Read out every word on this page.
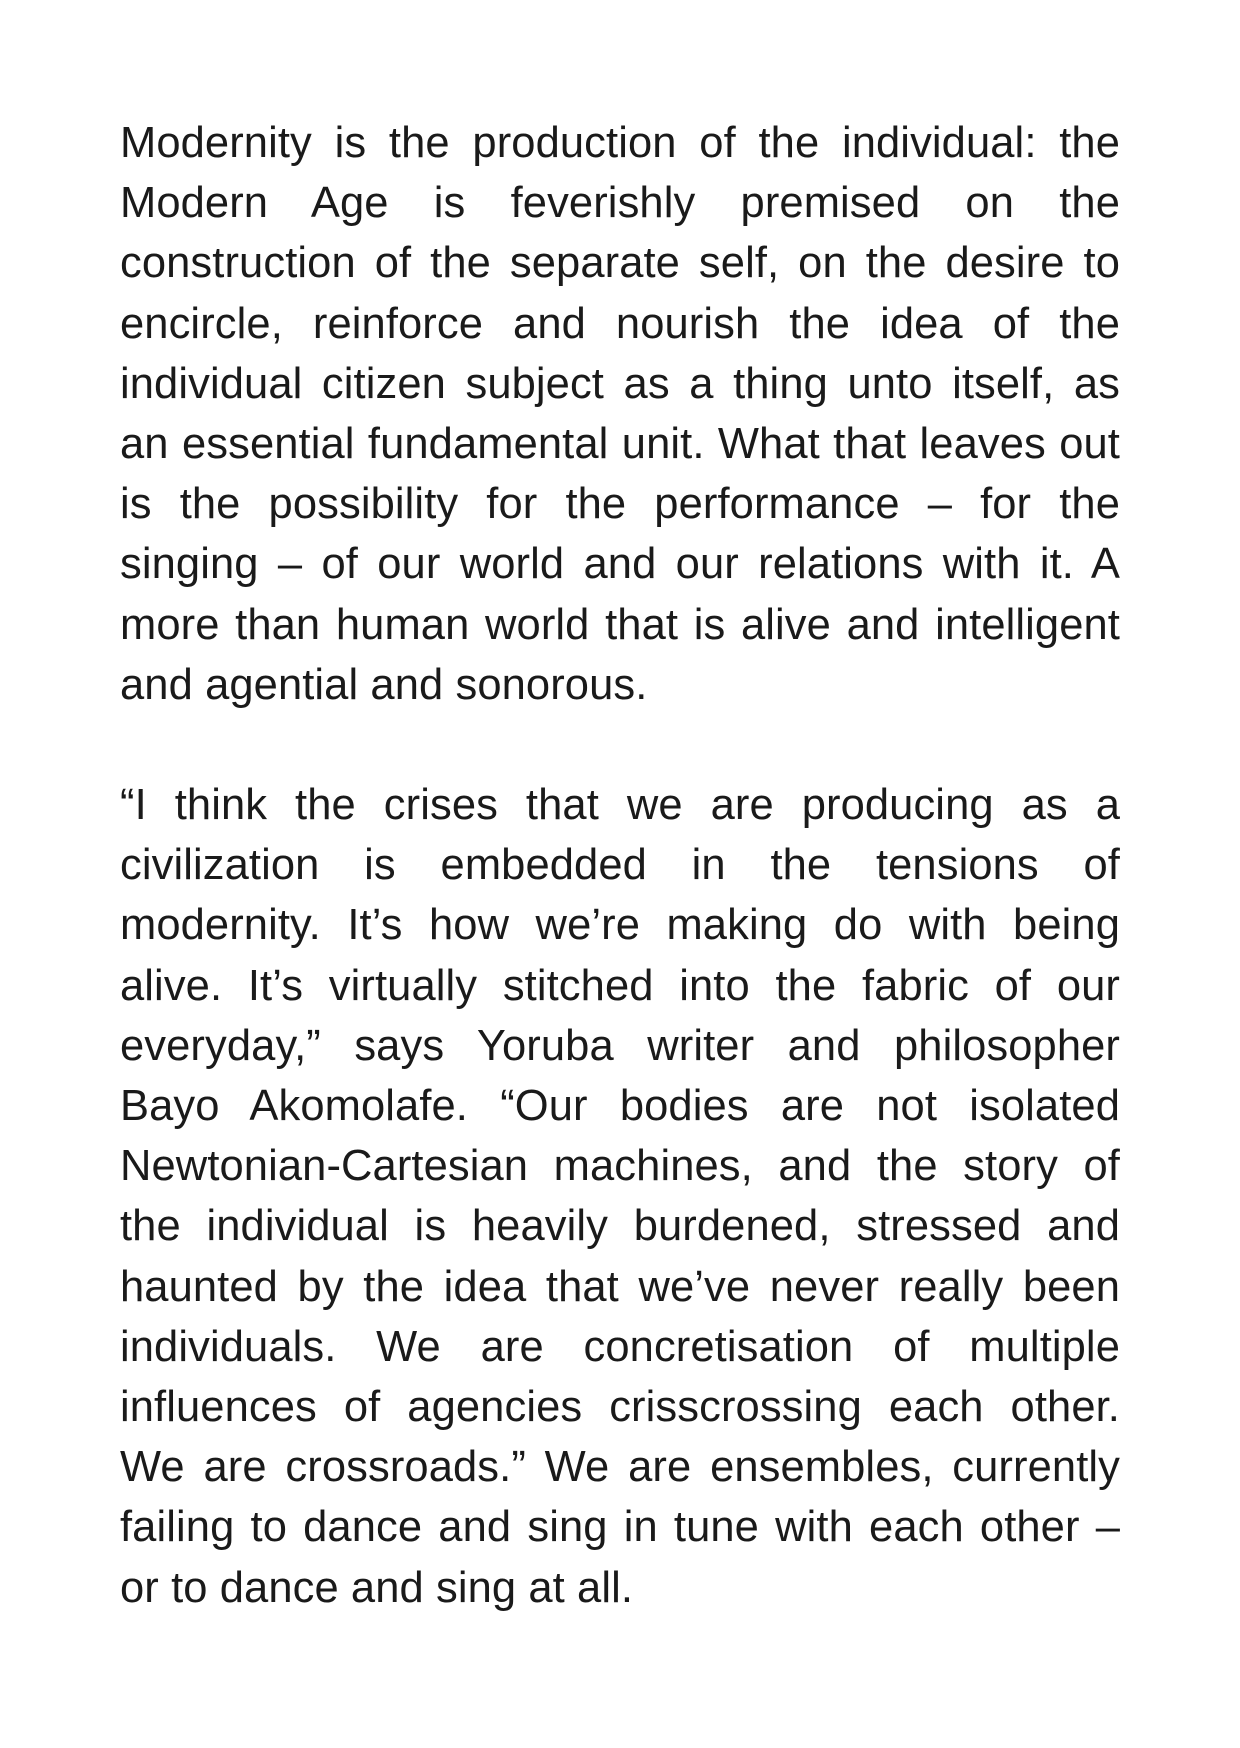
Modernity is the production of the individual: the Modern Age is feverishly premised on the construction of the separate self, on the desire to encircle, reinforce and nourish the idea of the individual citizen subject as a thing unto itself, as an essential fundamental unit. What that leaves out is the possibility for the performance – for the singing – of our world and our relations with it. A more than human world that is alive and intelligent and agential and sonorous.

“I think the crises that we are producing as a civilization is embedded in the tensions of modernity. It’s how we’re making do with being alive. It’s virtually stitched into the fabric of our everyday,” says Yoruba writer and philosopher Bayo Akomolafe. “Our bodies are not isolated Newtonian-Cartesian machines, and the story of the individual is heavily burdened, stressed and haunted by the idea that we’ve never really been individuals. We are concretisation of multiple influences of agencies crisscrossing each other. We are crossroads.” We are ensembles, currently failing to dance and sing in tune with each other – or to dance and sing at all.
